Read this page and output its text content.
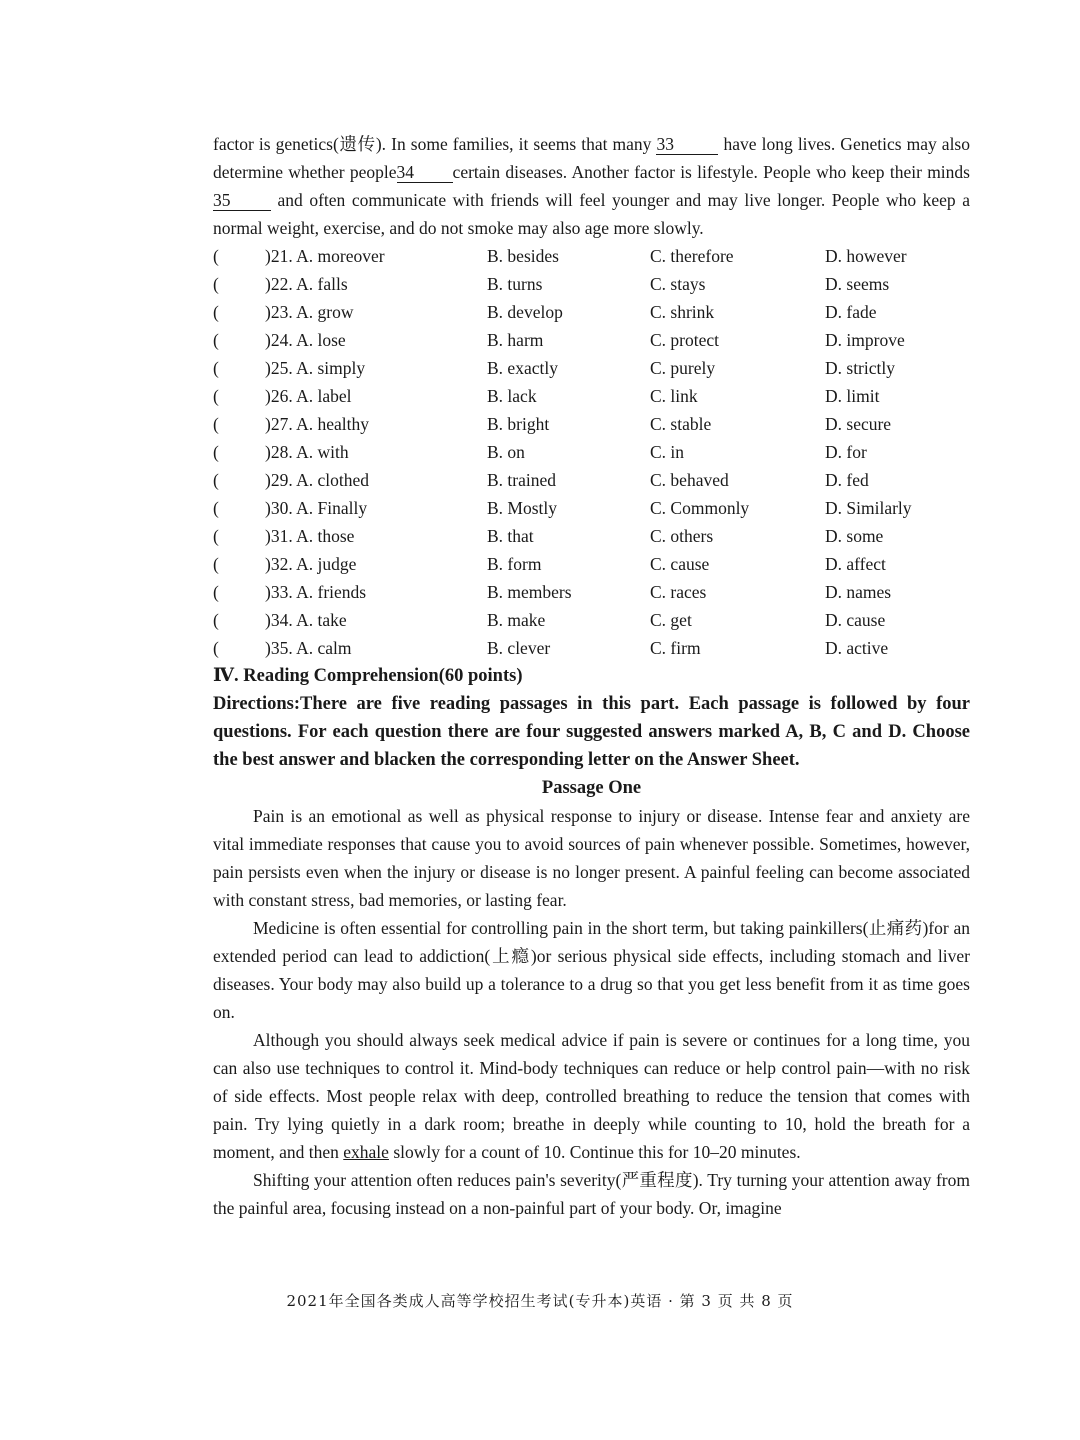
factor is genetics(遗传). In some families, it seems that many 33	have long lives. Genetics may also determine whether people34 certain diseases. Another factor is lifestyle. People who keep their minds35 and often communicate with friends will feel younger and may live longer. People who keep a normal weight, exercise, and do not smoke may also age more slowly.

(	)21. A. moreover	B. besides	C. therefore	D. however
(	)22. A. falls	B. turns	C. stays	D. seems
(	)23. A. grow	B. develop	C. shrink	D. fade
(	)24. A. lose	B. harm	C. protect	D. improve
(	)25. A. simply	B. exactly	C. purely	D. strictly
(	)26. A. label	B. lack	C. link	D. limit
(	)27. A. healthy	B. bright	C. stable	D. secure
(	)28. A. with	B. on	C. in	D. for
(	)29. A. clothed	B. trained	C. behaved	D. fed
(	)30. A. Finally	B. Mostly	C. Commonly	D. Similarly
(	)31. A. those	B. that	C. others	D. some
(	)32. A. judge	B. form	C. cause	D. affect
(	)33. A. friends	B. members	C. races	D. names
(	)34. A. take	B. make	C. get	D. cause
(	)35. A. calm	B. clever	C. firm	D. active

Ⅳ. Reading Comprehension(60 points)

Directions:There are five reading passages in this part. Each passage is followed by four questions. For each question there are four suggested answers marked A, B, C and D. Choose the best answer and blacken the corresponding letter on the Answer Sheet.

Passage One

Pain is an emotional as well as physical response to injury or disease. Intense fear and anxiety are vital immediate responses that cause you to avoid sources of pain whenever possible. Sometimes, however, pain persists even when the injury or disease is no longer present. A painful feeling can become associated with constant stress, bad memories, or lasting fear.

Medicine is often essential for controlling pain in the short term, but taking painkillers(止痛药)for an extended period can lead to addiction(上瘾)or serious physical side effects, including stomach and liver diseases. Your body may also build up a tolerance to a drug so that you get less benefit from it as time goes on.

Although you should always seek medical advice if pain is severe or continues for a long time, you can also use techniques to control it. Mind-body techniques can reduce or help control pain—with no risk of side effects. Most people relax with deep, controlled breathing to reduce the tension that comes with pain. Try lying quietly in a dark room; breathe in deeply while counting to 10, hold the breath for a moment, and then exhale slowly for a count of 10. Continue this for 10–20 minutes.

Shifting your attention often reduces pain's severity(严重程度). Try turning your attention away from the painful area, focusing instead on a non-painful part of your body. Or, imagine

2021年全国各类成人高等学校招生考试(专升本)英语 · 第 3 页 共 8 页
